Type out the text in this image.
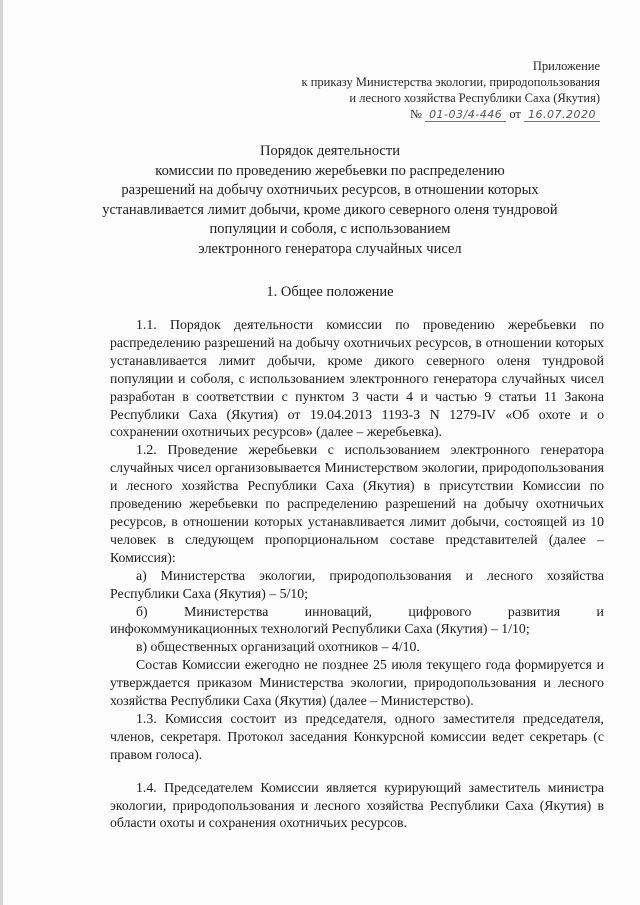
Приложение
к приказу Министерства экологии, природопользования
и лесного хозяйства Республики Саха (Якутия)
№ 01-03/4-446 от 16.07.2020
Порядок деятельности
комиссии по проведению жеребьевки по распределению
разрешений на добычу охотничьих ресурсов, в отношении которых
устанавливается лимит добычи, кроме дикого северного оленя тундровой
популяции и соболя, с использованием
электронного генератора случайных чисел
1. Общее положение

1.1. Порядок деятельности комиссии по проведению жеребьевки по распределению разрешений на добычу охотничьих ресурсов, в отношении которых устанавливается лимит добычи, кроме дикого северного оленя тундровой популяции и соболя, с использованием электронного генератора случайных чисел разработан в соответствии с пунктом 3 части 4 и частью 9 статьи 11 Закона Республики Саха (Якутия) от 19.04.2013 1193-З N 1279-IV «Об охоте и о сохранении охотничьих ресурсов» (далее – жеребьевка).

1.2. Проведение жеребьевки с использованием электронного генератора случайных чисел организовывается Министерством экологии, природопользования и лесного хозяйства Республики Саха (Якутия) в присутствии Комиссии по проведению жеребьевки по распределению разрешений на добычу охотничьих ресурсов, в отношении которых устанавливается лимит добычи, состоящей из 10 человек в следующем пропорциональном составе представителей (далее – Комиссия):

а) Министерства экологии, природопользования и лесного хозяйства Республики Саха (Якутия) – 5/10;

б)	Министерства	инноваций,	цифрового	развития	и

инфокоммуникационных технологий Республики Саха (Якутия) – 1/10;

в) общественных организаций охотников – 4/10.

Состав Комиссии ежегодно не позднее 25 июля текущего года формируется и утверждается приказом Министерства экологии, природопользования и лесного хозяйства Республики Саха (Якутия) (далее – Министерство).

1.3. Комиссия состоит из председателя, одного заместителя председателя, членов, секретаря. Протокол заседания Конкурсной комиссии ведет секретарь (с правом голоса).

1.4. Председателем Комиссии является курирующий заместитель министра экологии, природопользования и лесного хозяйства Республики Саха (Якутия) в области охоты и сохранения охотничьих ресурсов.
